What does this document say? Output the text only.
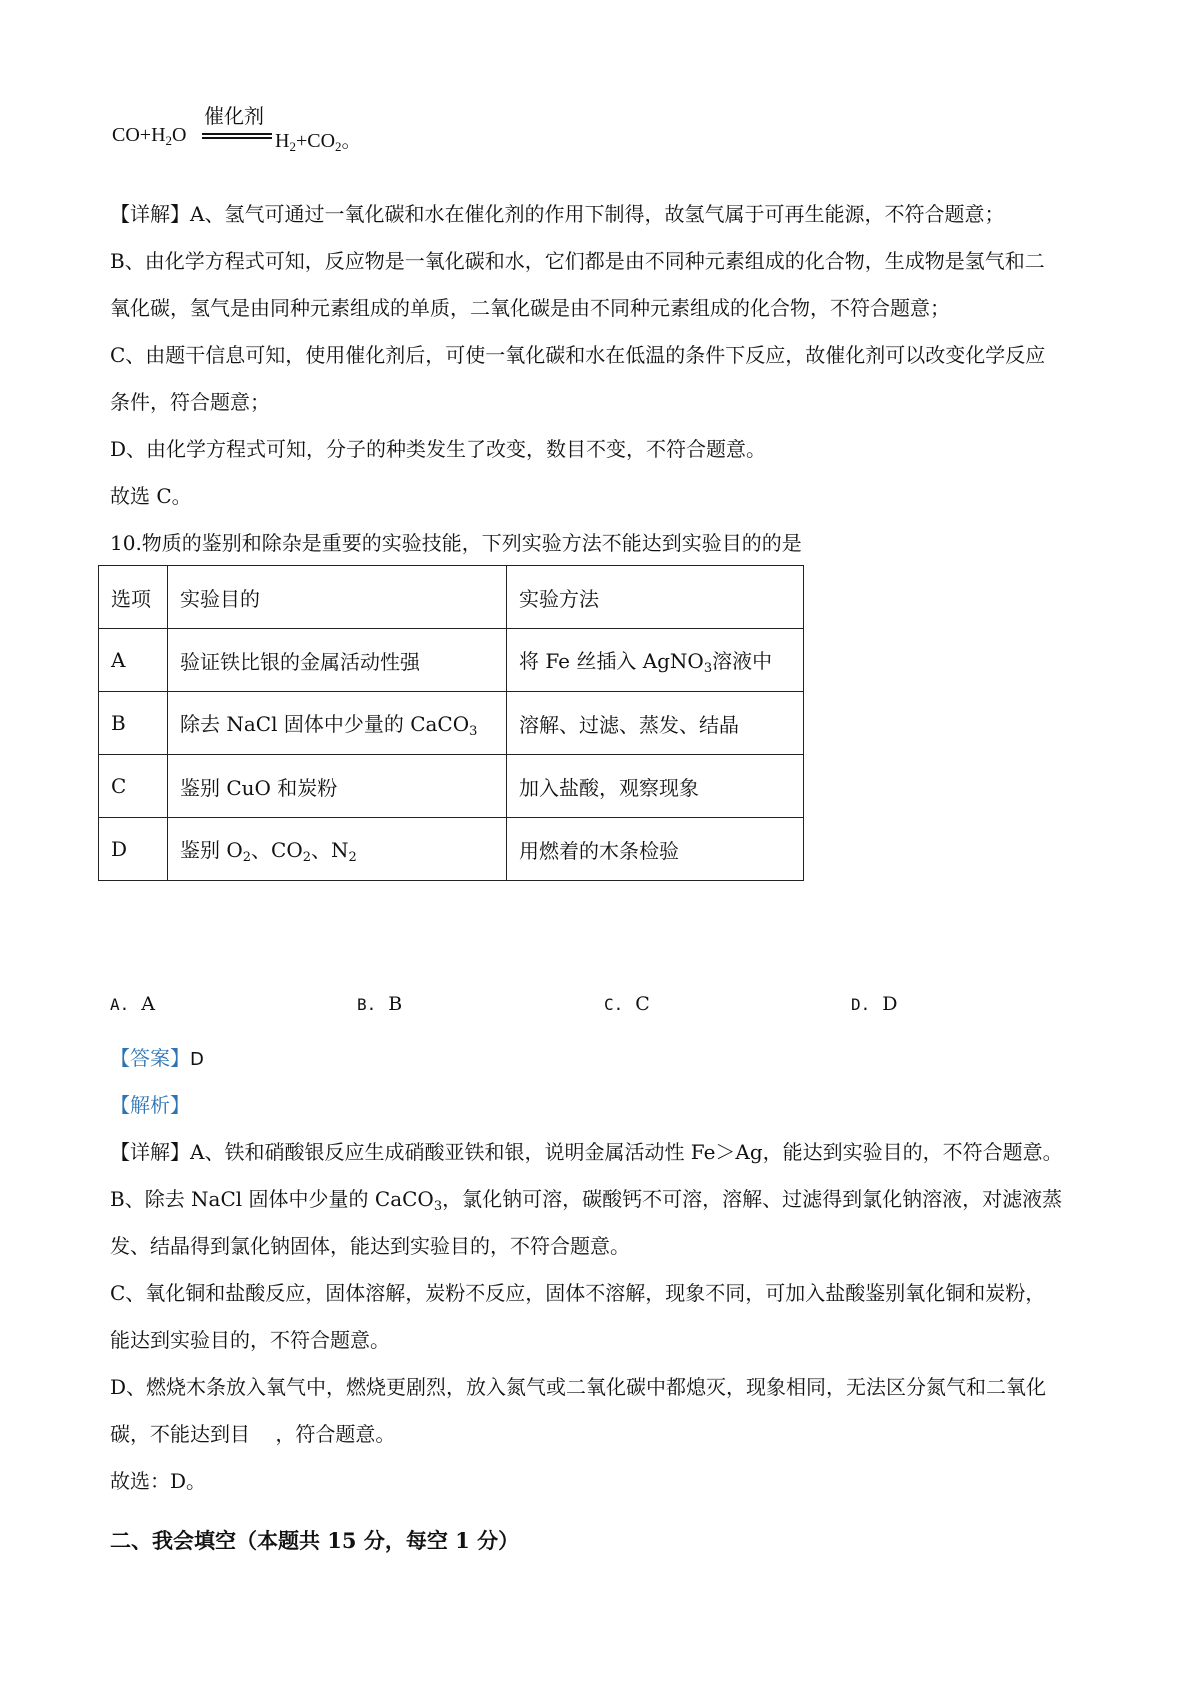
催化剂
$CO+H_2O$	$H_2+CO_2$。
【详解】A、氢气可通过一氧化碳和水在催化剂的作用下制得，故氢气属于可再生能源，不符合题意；
B、由化学方程式可知，反应物是一氧化碳和水，它们都是由不同种元素组成的化合物，生成物是氢气和二
氧化碳，氢气是由同种元素组成的单质，二氧化碳是由不同种元素组成的化合物，不符合题意；
C、由题干信息可知，使用催化剂后，可使一氧化碳和水在低温的条件下反应，故催化剂可以改变化学反应
条件，符合题意；
D、由化学方程式可知，分子的种类发生了改变，数目不变，不符合题意。
故选 C。
10.物质的鉴别和除杂是重要的实验技能，下列实验方法不能达到实验目的的是
选项	实验目的	实验方法
A	验证铁比银的金属活动性强	将 Fe 丝插入 AgNO$_3$溶液中
B	除去 NaCl 固体中少量的 CaCO$_3$	溶解、过滤、蒸发、结晶
C	鉴别 CuO 和炭粉	加入盐酸，观察现象
D	鉴别 $O_2$、$CO_2$、$N_2$	用燃着的木条检验
A. A	B. B	C. C	D. D
【答案】D
【解析】
【详解】A、铁和硝酸银反应生成硝酸亚铁和银，说明金属活动性 Fe＞Ag，能达到实验目的，不符合题意。
B、除去 NaCl 固体中少量的 CaCO$_3$，氯化钠可溶，碳酸钙不可溶，溶解、过滤得到氯化钠溶液，对滤液蒸
发、结晶得到氯化钠固体，能达到实验目的，不符合题意。
C、氧化铜和盐酸反应，固体溶解，炭粉不反应，固体不溶解，现象不同，可加入盐酸鉴别氧化铜和炭粉，
能达到实验目的，不符合题意。
D、燃烧木条放入氧气中，燃烧更剧烈，放入氮气或二氧化碳中都熄灭，现象相同，无法区分氮气和二氧化
碳，不能达到目    ，符合题意。
故选：D。
二、我会填空（本题共 15 分，每空 1 分）
